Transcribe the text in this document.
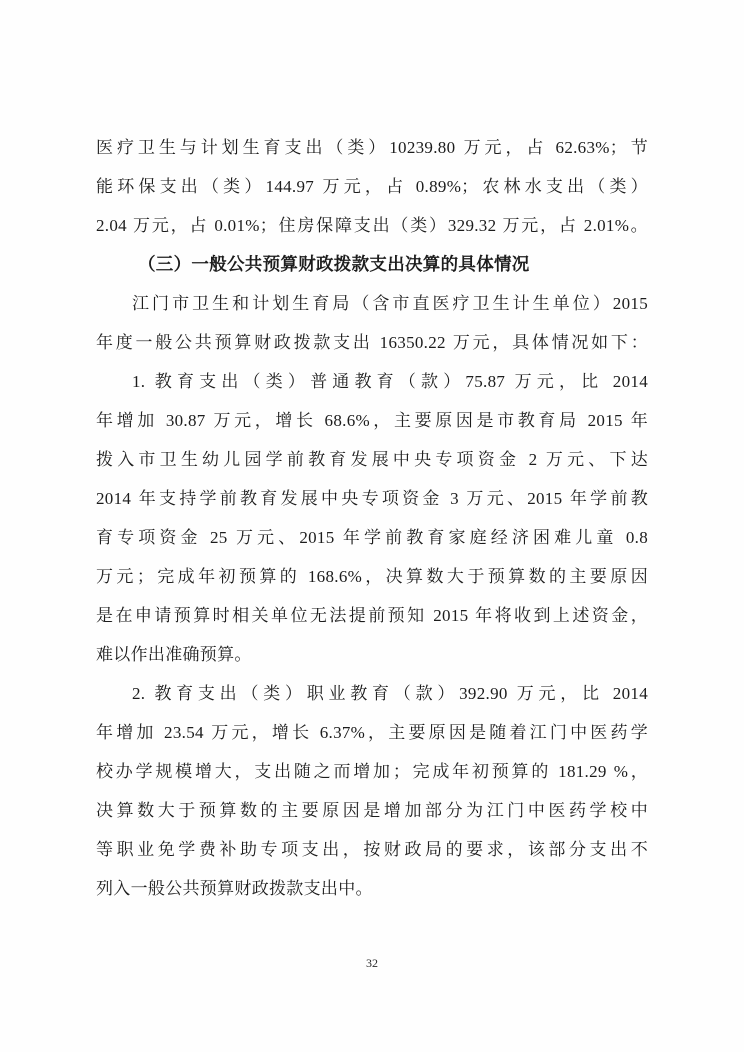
医疗卫生与计划生育支出（类）10239.80 万元，占 62.63%；节
能环保支出（类）144.97 万元，占 0.89%；农林水支出（类）
2.04 万元，占 0.01%；住房保障支出（类）329.32 万元，占 2.01%。
（三）一般公共预算财政拨款支出决算的具体情况
江门市卫生和计划生育局（含市直医疗卫生计生单位）2015
年度一般公共预算财政拨款支出 16350.22 万元，具体情况如下：
1. 教育支出（类）普通教育（款）75.87 万元，比 2014
年增加 30.87 万元，增长 68.6%，主要原因是市教育局 2015 年
拨入市卫生幼儿园学前教育发展中央专项资金 2 万元、下达
2014 年支持学前教育发展中央专项资金 3 万元、2015 年学前教
育专项资金 25 万元、2015 年学前教育家庭经济困难儿童 0.8
万元；完成年初预算的 168.6%，决算数大于预算数的主要原因
是在申请预算时相关单位无法提前预知 2015 年将收到上述资金，
难以作出准确预算。
2. 教育支出（类）职业教育（款）392.90 万元，比 2014
年增加 23.54 万元，增长 6.37%，主要原因是随着江门中医药学
校办学规模增大，支出随之而增加；完成年初预算的 181.29 %，
决算数大于预算数的主要原因是增加部分为江门中医药学校中
等职业免学费补助专项支出，按财政局的要求，该部分支出不
列入一般公共预算财政拨款支出中。
32
